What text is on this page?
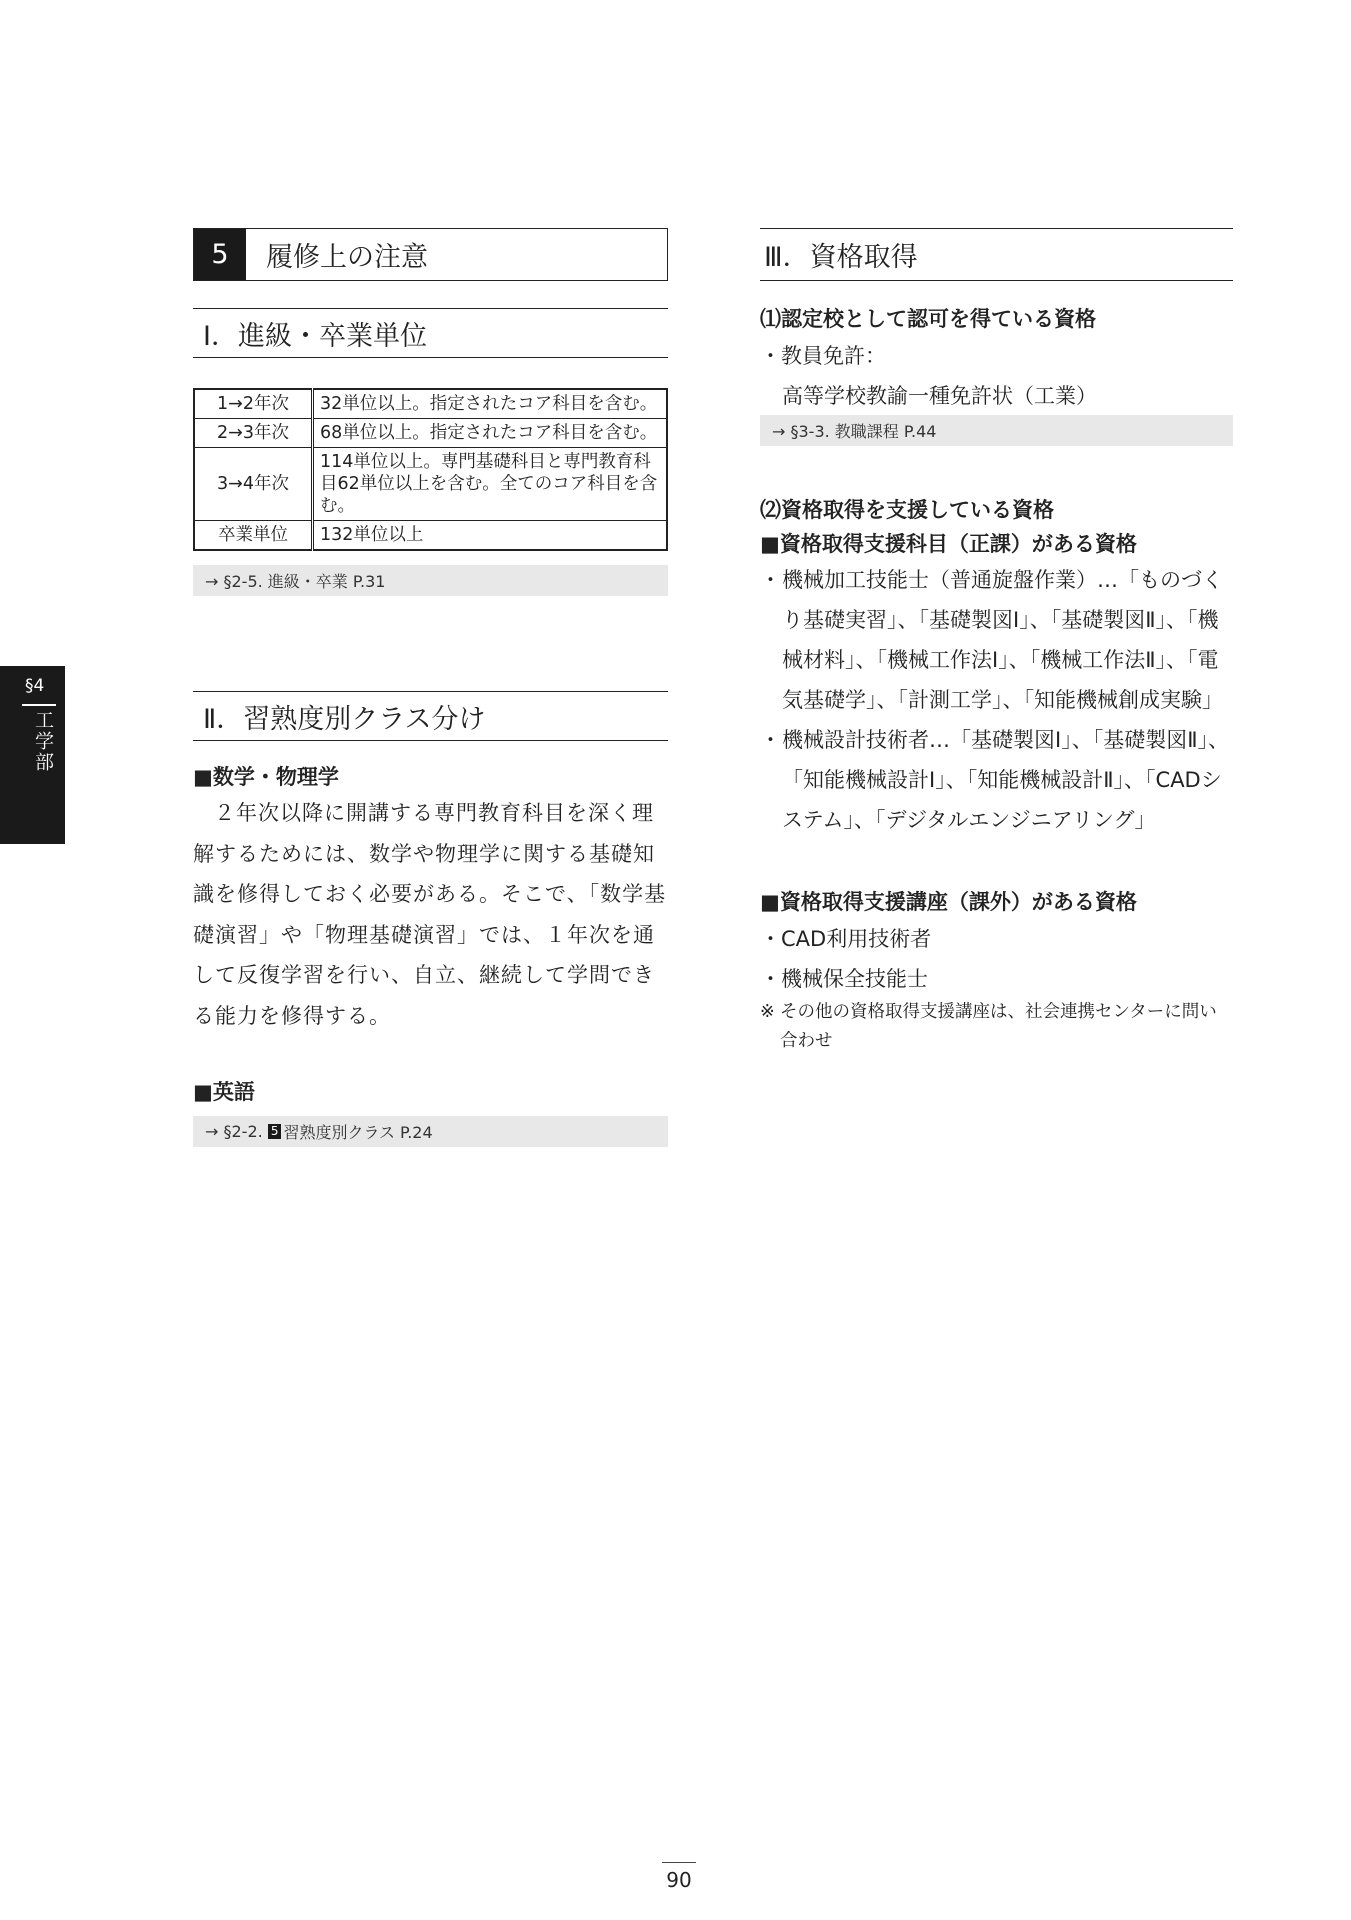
§4
工学部
5	履修上の注意
Ⅰ．進級・卒業単位
1→2年次	32単位以上。指定されたコア科目を含む。
2→3年次	68単位以上。指定されたコア科目を含む。
3→4年次	114単位以上。専門基礎科目と専門教育科目62単位以上を含む。全てのコア科目を含む。
卒業単位	132単位以上
→ §2-5. 進級・卒業 P.31
Ⅱ．習熟度別クラス分け
■数学・物理学

２年次以降に開講する専門教育科目を深く理解するためには、数学や物理学に関する基礎知識を修得しておく必要がある。そこで、「数学基礎演習」や「物理基礎演習」では、１年次を通して反復学習を行い、自立、継続して学問できる能力を修得する。

■英語
→ §2-2.
5 習熟度別クラス P.24
Ⅲ．資格取得
⑴認定校として認可を得ている資格
・教員免許：
高等学校教諭一種免許状（工業）
→ §3-3. 教職課程 P.44
⑵資格取得を支援している資格
■資格取得支援科目（正課）がある資格
・ 機械加工技能士（普通旋盤作業）…「ものづくり基礎実習」、「基礎製図Ⅰ」、「基礎製図Ⅱ」、「機械材料」、「機械工作法Ⅰ」、「機械工作法Ⅱ」、「電気基礎学」、「計測工学」、「知能機械創成実験」
・ 機械設計技術者…「基礎製図Ⅰ」、「基礎製図Ⅱ」、「知能機械設計Ⅰ」、「知能機械設計Ⅱ」、「CADシステム」、「デジタルエンジニアリング」
■資格取得支援講座（課外）がある資格
・CAD利用技術者
・機械保全技能士
※ その他の資格取得支援講座は、社会連携センターに問い合わせ
90
